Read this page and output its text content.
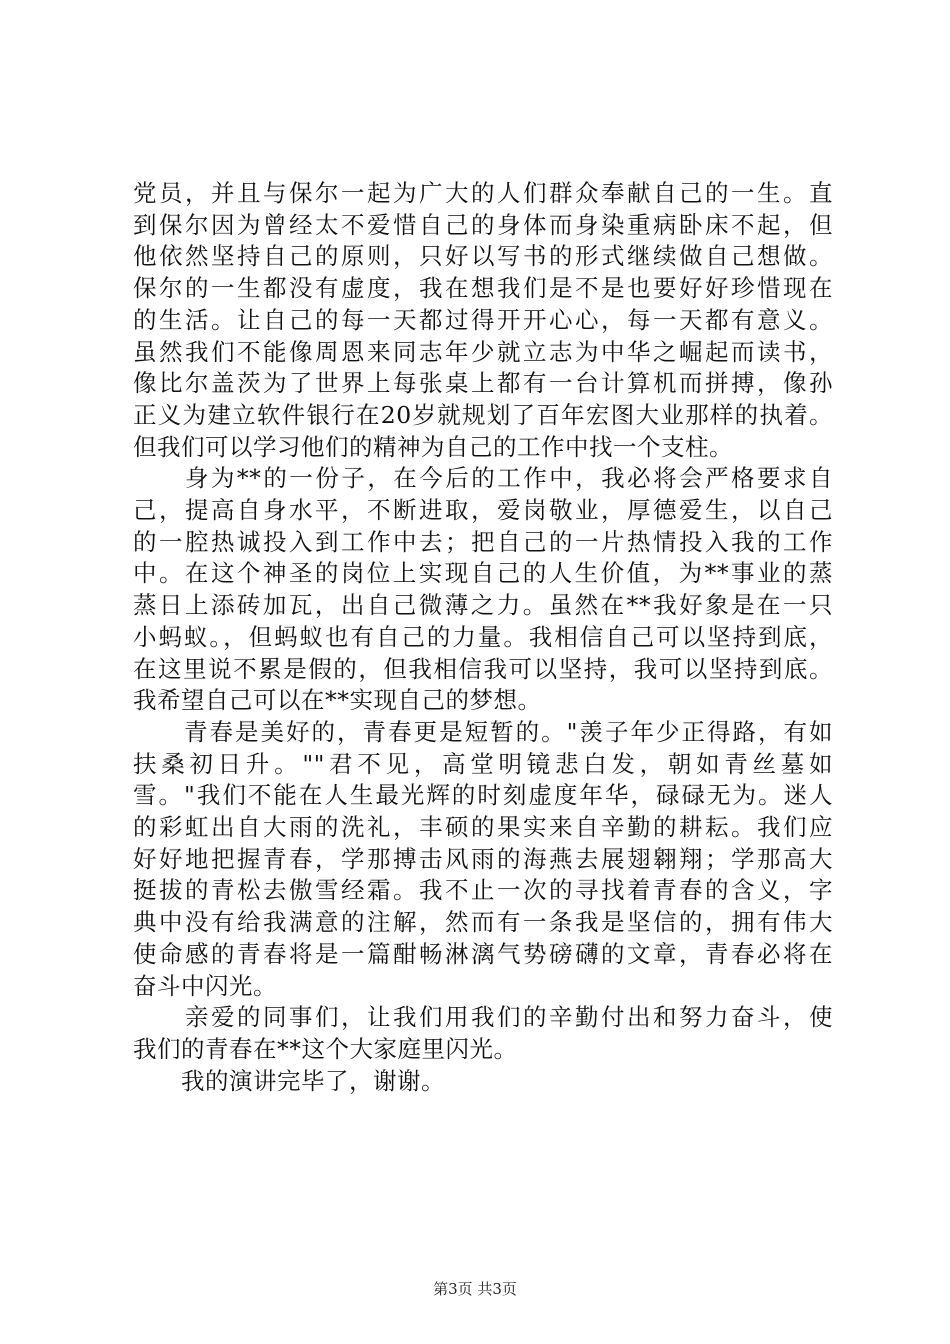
党员，并且与保尔一起为广大的人们群众奉献自己的一生。直
到保尔因为曾经太不爱惜自己的身体而身染重病卧床不起，但
他依然坚持自己的原则，只好以写书的形式继续做自己想做。
保尔的一生都没有虚度，我在想我们是不是也要好好珍惜现在
的生活。让自己的每一天都过得开开心心，每一天都有意义。
虽然我们不能像周恩来同志年少就立志为中华之崛起而读书，
像比尔盖茨为了世界上每张桌上都有一台计算机而拼搏，像孙
正义为建立软件银行在20岁就规划了百年宏图大业那样的执着。
但我们可以学习他们的精神为自己的工作中找一个支柱。
　　身为**的一份子，在今后的工作中，我必将会严格要求自
己，提高自身水平，不断进取，爱岗敬业，厚德爱生，以自己
的一腔热诚投入到工作中去；把自己的一片热情投入我的工作
中。在这个神圣的岗位上实现自己的人生价值，为**事业的蒸
蒸日上添砖加瓦，出自己微薄之力。虽然在**我好象是在一只
小蚂蚁。，但蚂蚁也有自己的力量。我相信自己可以坚持到底，
在这里说不累是假的，但我相信我可以坚持，我可以坚持到底。
我希望自己可以在**实现自己的梦想。
　　青春是美好的，青春更是短暂的。"羡子年少正得路，有如
扶桑初日升。""君不见，高堂明镜悲白发，朝如青丝墓如
雪。"我们不能在人生最光辉的时刻虚度年华，碌碌无为。迷人
的彩虹出自大雨的洗礼，丰硕的果实来自辛勤的耕耘。我们应
好好地把握青春，学那搏击风雨的海燕去展翅翱翔；学那高大
挺拔的青松去傲雪经霜。我不止一次的寻找着青春的含义，字
典中没有给我满意的注解，然而有一条我是坚信的，拥有伟大
使命感的青春将是一篇酣畅淋漓气势磅礴的文章，青春必将在
奋斗中闪光。
　　亲爱的同事们，让我们用我们的辛勤付出和努力奋斗，使
我们的青春在**这个大家庭里闪光。
　　我的演讲完毕了，谢谢。
第3页 共3页
